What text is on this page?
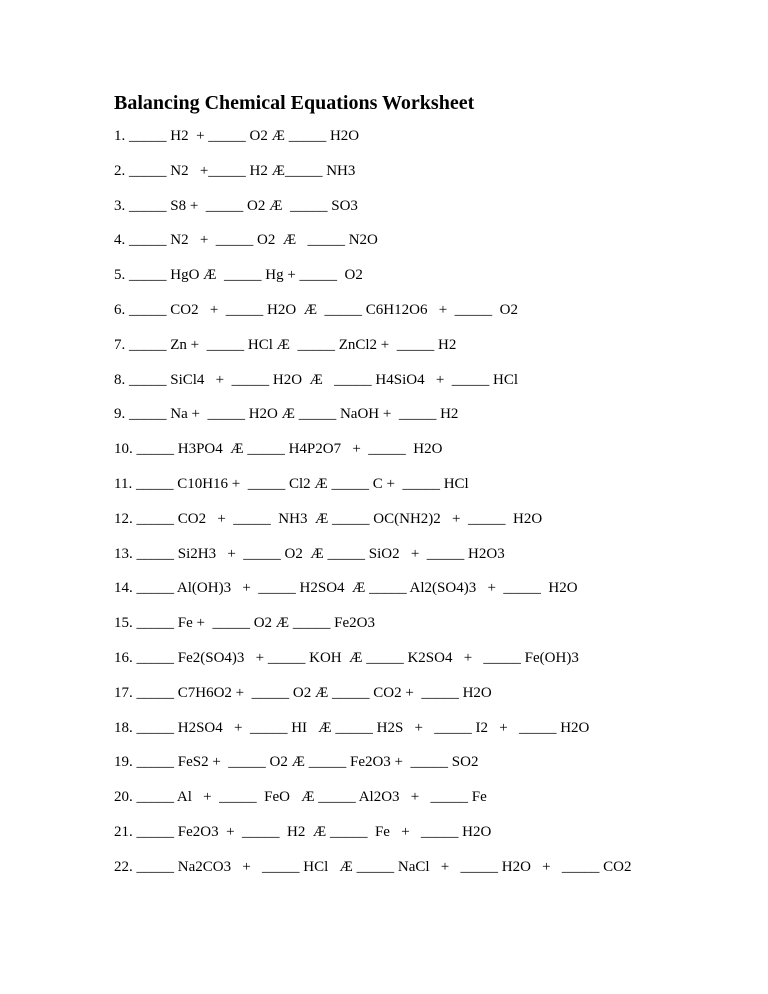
Balancing Chemical Equations Worksheet
1. _____ H2  + _____ O2 Æ _____ H2O
2. _____ N2   +_____ H2 Æ_____ NH3
3. _____ S8 +  _____ O2 Æ  _____ SO3
4. _____ N2   +  _____ O2  Æ   _____ N2O
5. _____ HgO Æ  _____ Hg + _____  O2
6. _____ CO2   +  _____ H2O  Æ  _____ C6H12O6   +  _____  O2
7. _____ Zn +  _____ HCl Æ  _____ ZnCl2 +  _____ H2
8. _____ SiCl4   +  _____ H2O  Æ   _____ H4SiO4   +  _____ HCl
9. _____ Na +  _____ H2O Æ _____ NaOH +  _____ H2
10. _____ H3PO4  Æ _____ H4P2O7   +  _____  H2O
11. _____ C10H16 +  _____ Cl2 Æ _____ C +  _____ HCl
12. _____ CO2   +  _____  NH3  Æ _____ OC(NH2)2   +  _____  H2O
13. _____ Si2H3   +  _____ O2  Æ _____ SiO2   +  _____ H2O3
14. _____ Al(OH)3   +  _____ H2SO4  Æ _____ Al2(SO4)3   +  _____  H2O
15. _____ Fe +  _____ O2 Æ _____ Fe2O3
16. _____ Fe2(SO4)3   + _____ KOH  Æ _____ K2SO4   +   _____ Fe(OH)3
17. _____ C7H6O2 +  _____ O2 Æ _____ CO2 +  _____ H2O
18. _____ H2SO4   +  _____ HI   Æ _____ H2S   +   _____ I2   +   _____ H2O
19. _____ FeS2 +  _____ O2 Æ _____ Fe2O3 +  _____ SO2
20. _____ Al   +  _____  FeO   Æ _____ Al2O3   +   _____ Fe
21. _____ Fe2O3  +  _____  H2  Æ _____  Fe   +   _____ H2O
22. _____ Na2CO3   +   _____ HCl   Æ _____ NaCl   +   _____ H2O   +   _____ CO2
